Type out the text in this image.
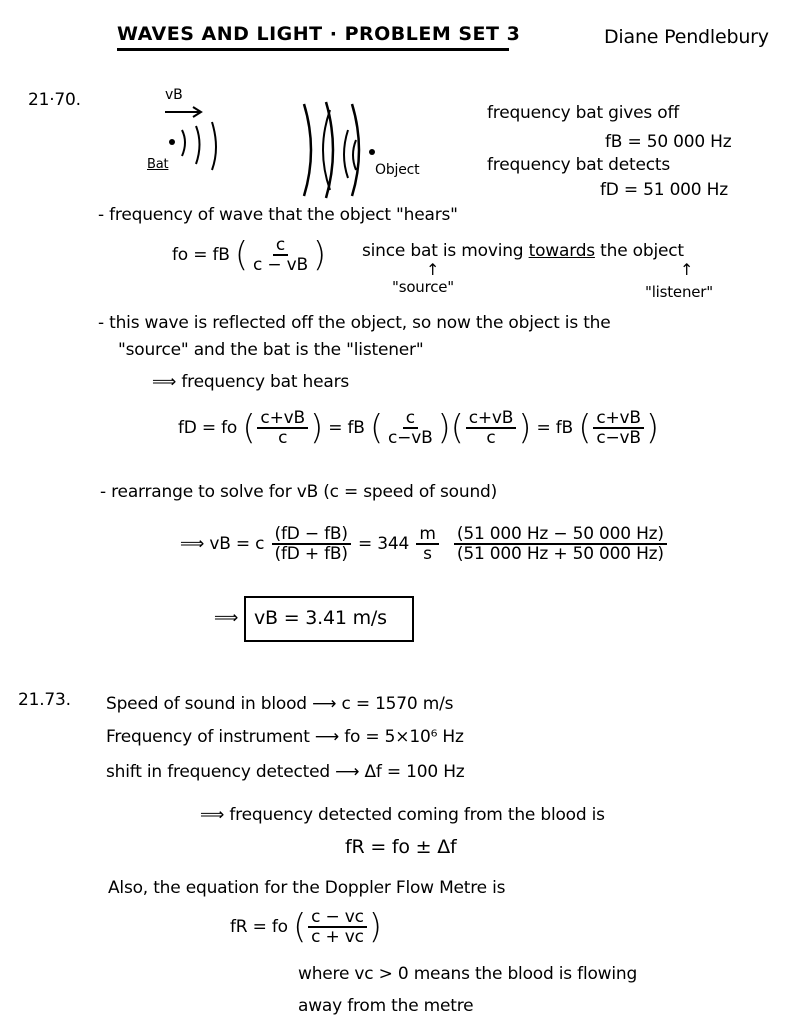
WAVES AND LIGHT · PROBLEM SET 3	Diane Pendlebury
21·70.	vB
Bat	Object
frequency bat gives off
fB = 50 000 Hz
frequency bat detects
fD = 51 000 Hz
- frequency of wave that the object "hears"
fo = fB ( $\frac{c}{c - vB}$ ) since bat is moving towards the object
↑
"source"
↑
"listener"
- this wave is reflected off the object, so now the object is the
"source" and the bat is the "listener"
⟹ frequency bat hears
fD = fo ( $\frac{c+vB}{c}$ ) = fB ( $\frac{c}{c-vB}$ )( $\frac{c+vB}{c}$ ) = fB ( $\frac{c+vB}{c-vB}$ )
- rearrange to solve for vB (c = speed of sound)
⟹ vB = c $\frac{(fD - fB)}{(fD + fB)} = 344 \frac{m}{s}$
$\frac{(51 000 Hz - 50 000 Hz)}{(51 000 Hz + 50 000 Hz)}$
⟹ vB = 3.41 m/s
21.73. Speed of sound in blood ⟶ c = 1570 m/s
Frequency of instrument ⟶ fo = 5×10⁶ Hz
shift in frequency detected ⟶ Δf = 100 Hz
⟹ frequency detected coming from the blood is
fR = fo ± Δf
Also, the equation for the Doppler Flow Metre is
fR = fo ( $\frac{c - vc}{c + vc}$ )
where vc > 0 means the blood is flowing
away from the metre
